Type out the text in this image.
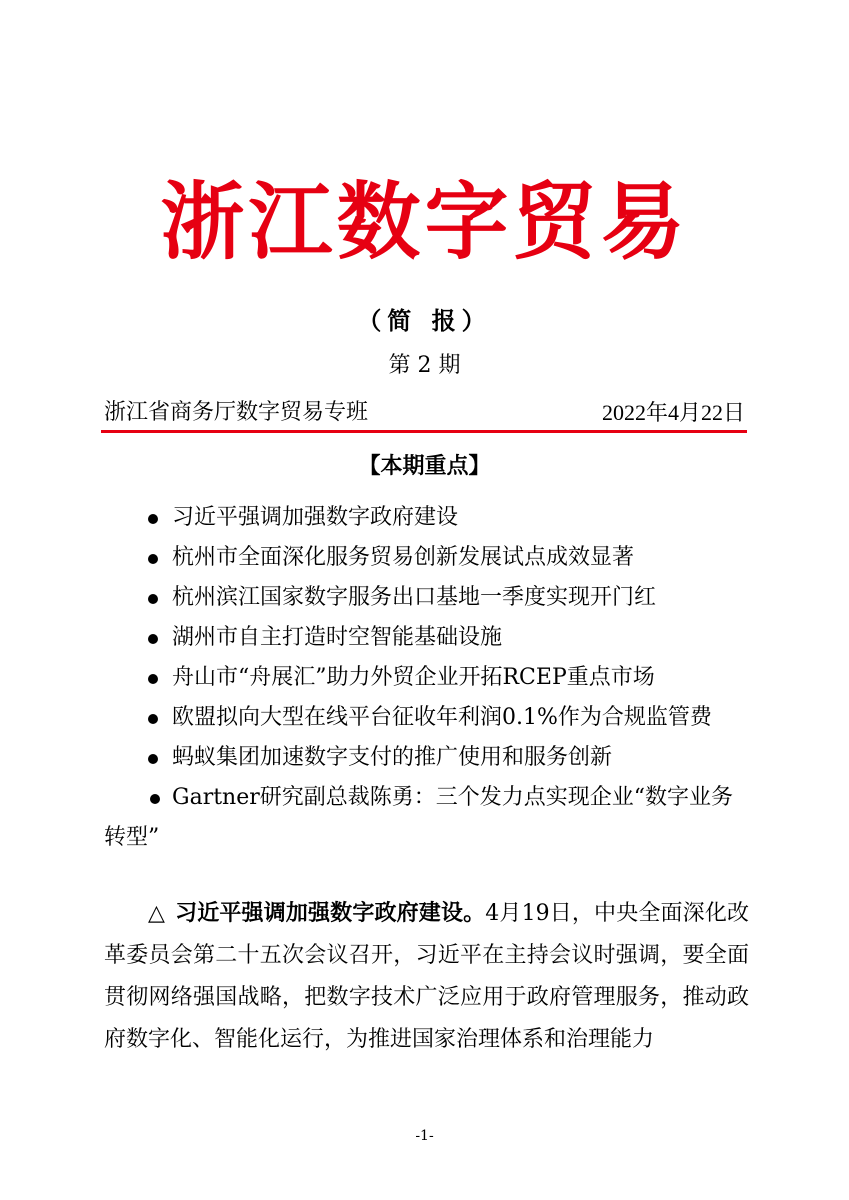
浙江数字贸易
（简 报）
第 2 期
浙江省商务厅数字贸易专班	2022年4月22日
【本期重点】
习近平强调加强数字政府建设
杭州市全面深化服务贸易创新发展试点成效显著
杭州滨江国家数字服务出口基地一季度实现开门红
湖州市自主打造时空智能基础设施
舟山市“舟展汇”助力外贸企业开拓RCEP重点市场
欧盟拟向大型在线平台征收年利润0.1%作为合规监管费
蚂蚁集团加速数字支付的推广使用和服务创新
Gartner研究副总裁陈勇：三个发力点实现企业“数字业务转型”
△ 习近平强调加强数字政府建设。4月19日，中央全面深化改革委员会第二十五次会议召开，习近平在主持会议时强调，要全面贯彻网络强国战略，把数字技术广泛应用于政府管理服务，推动政府数字化、智能化运行，为推进国家治理体系和治理能力
-1-
